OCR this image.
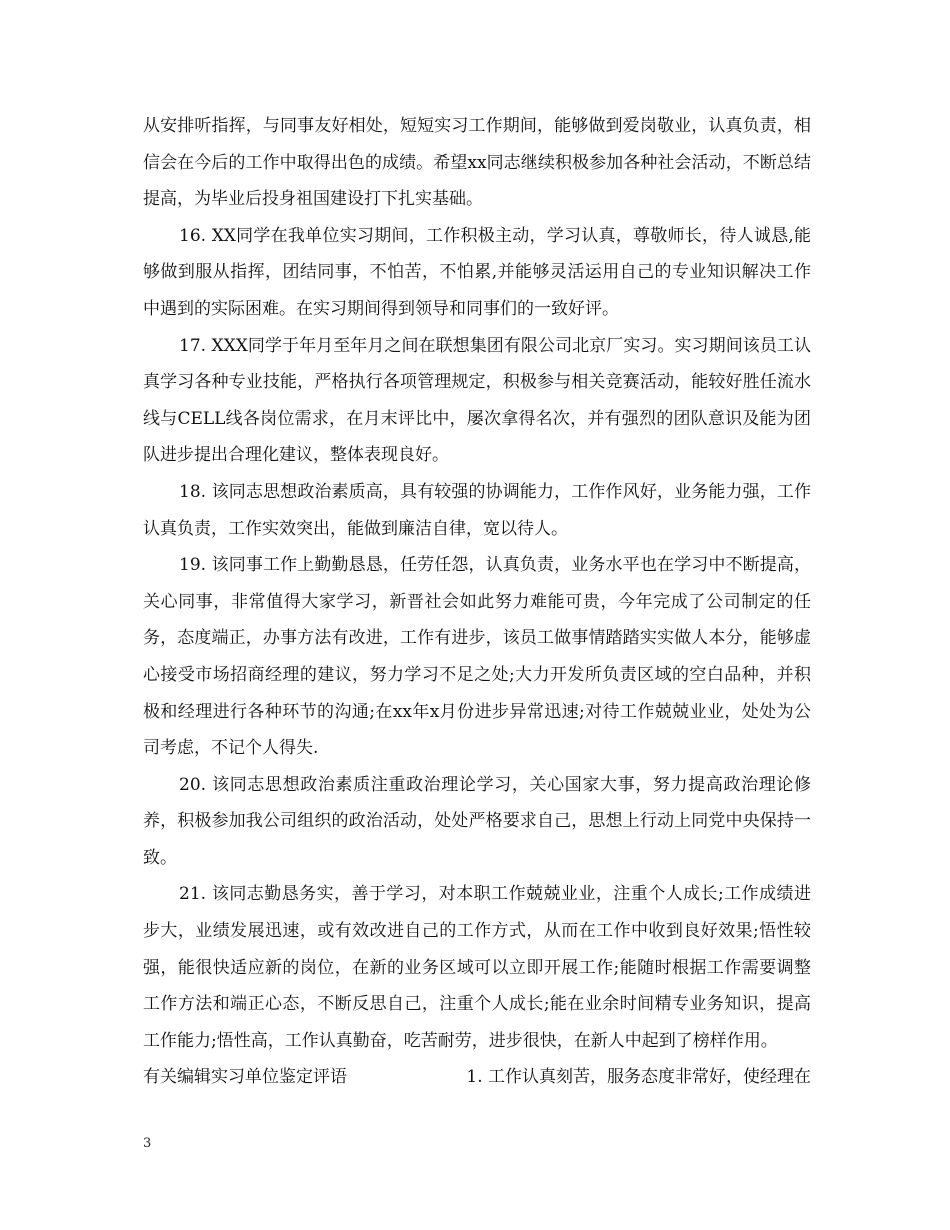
从安排听指挥，与同事友好相处，短短实习工作期间，能够做到爱岗敬业，认真负责，相信会在今后的工作中取得出色的成绩。希望xx同志继续积极参加各种社会活动，不断总结提高，为毕业后投身祖国建设打下扎实基础。

16. XX同学在我单位实习期间，工作积极主动，学习认真，尊敬师长，待人诚恳,能够做到服从指挥，团结同事，不怕苦，不怕累,并能够灵活运用自己的专业知识解决工作中遇到的实际困难。在实习期间得到领导和同事们的一致好评。

17. XXX同学于年月至年月之间在联想集团有限公司北京厂实习。实习期间该员工认真学习各种专业技能，严格执行各项管理规定，积极参与相关竞赛活动，能较好胜任流水线与CELL线各岗位需求，在月末评比中，屡次拿得名次，并有强烈的团队意识及能为团队进步提出合理化建议，整体表现良好。

18. 该同志思想政治素质高，具有较强的协调能力，工作作风好，业务能力强，工作认真负责，工作实效突出，能做到廉洁自律，宽以待人。

19. 该同事工作上勤勤恳恳，任劳任怨，认真负责，业务水平也在学习中不断提高，关心同事，非常值得大家学习，新晋社会如此努力难能可贵，今年完成了公司制定的任务，态度端正，办事方法有改进，工作有进步，该员工做事情踏踏实实做人本分，能够虚心接受市场招商经理的建议，努力学习不足之处;大力开发所负责区域的空白品种，并积极和经理进行各种环节的沟通;在xx年x月份进步异常迅速;对待工作兢兢业业，处处为公司考虑，不记个人得失.

20. 该同志思想政治素质注重政治理论学习，关心国家大事，努力提高政治理论修养，积极参加我公司组织的政治活动，处处严格要求自己，思想上行动上同党中央保持一致。

21. 该同志勤恳务实，善于学习，对本职工作兢兢业业，注重个人成长;工作成绩进步大，业绩发展迅速，或有效改进自己的工作方式，从而在工作中收到良好效果;悟性较强，能很快适应新的岗位，在新的业务区域可以立即开展工作;能随时根据工作需要调整工作方法和端正心态，不断反思自己，注重个人成长;能在业余时间精专业务知识，提高工作能力;悟性高，工作认真勤奋，吃苦耐劳，进步很快，在新人中起到了榜样作用。

有关编辑实习单位鉴定评语	1. 工作认真刻苦，服务态度非常好，使经理在

3
